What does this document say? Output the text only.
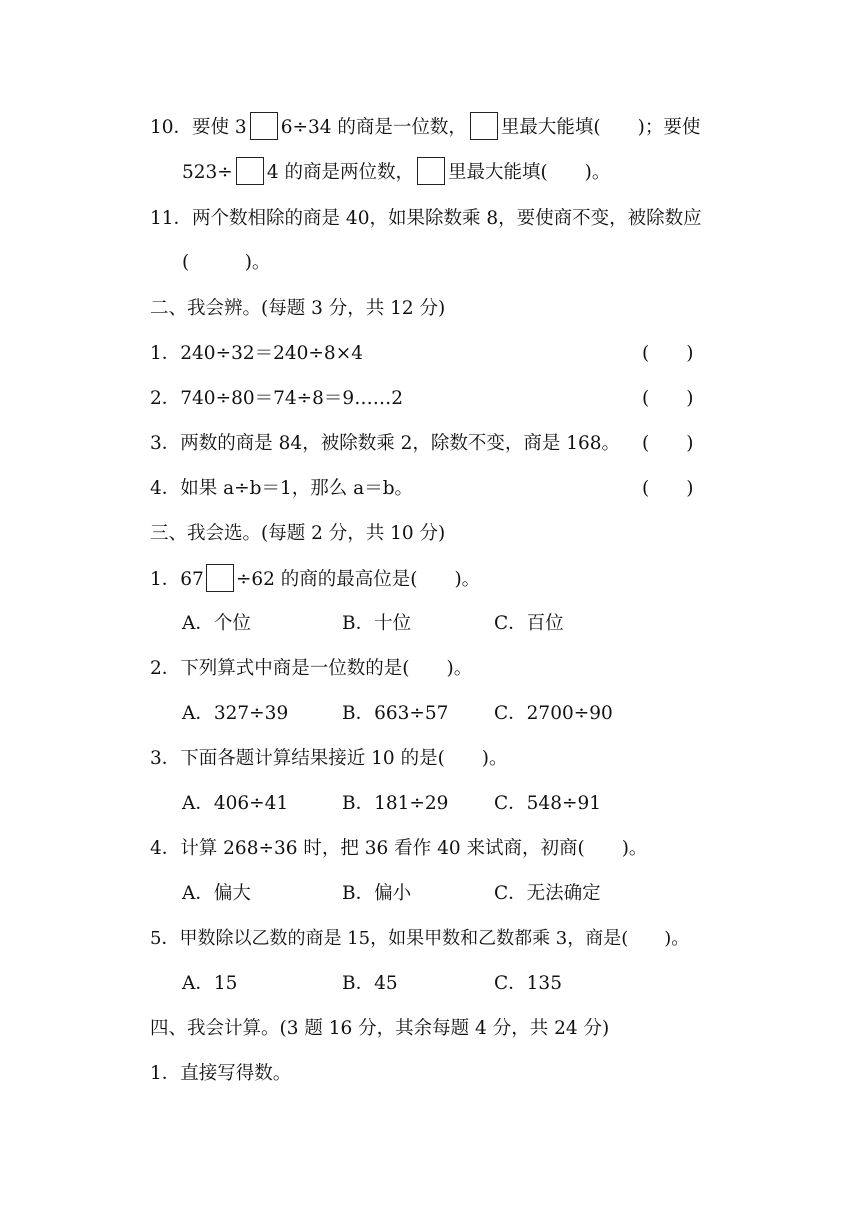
10．要使 3 6÷34 的商是一位数， 里最大能填(　　)；要使
523÷ 4 的商是两位数， 里最大能填(　　)。
11．两个数相除的商是 40，如果除数乘 8，要使商不变，被除数应
(　　　)。
二、我会辨。(每题 3 分，共 12 分)
1．240÷32＝240÷8×4	(　　)
2．740÷80＝74÷8＝9……2	(　　)
3．两数的商是 84，被除数乘 2，除数不变，商是 168。 (　　)
4．如果 a÷b＝1，那么 a＝b。	(　　)
三、我会选。(每题 2 分，共 10 分)
1．67 ÷62 的商的最高位是(　　)。
A．个位	B．十位	C．百位
2．下列算式中商是一位数的是(　　)。
A．327÷39	B．663÷57 C．2700÷90
3．下面各题计算结果接近 10 的是(　　)。
A．406÷41	B．181÷29 C．548÷91
4．计算 268÷36 时，把 36 看作 40 来试商，初商(　　)。
A．偏大	B．偏小	C．无法确定
5．甲数除以乙数的商是 15，如果甲数和乙数都乘 3，商是(　　)。
A．15	B．45	C．135
四、我会计算。(3 题 16 分，其余每题 4 分，共 24 分)
1．直接写得数。
